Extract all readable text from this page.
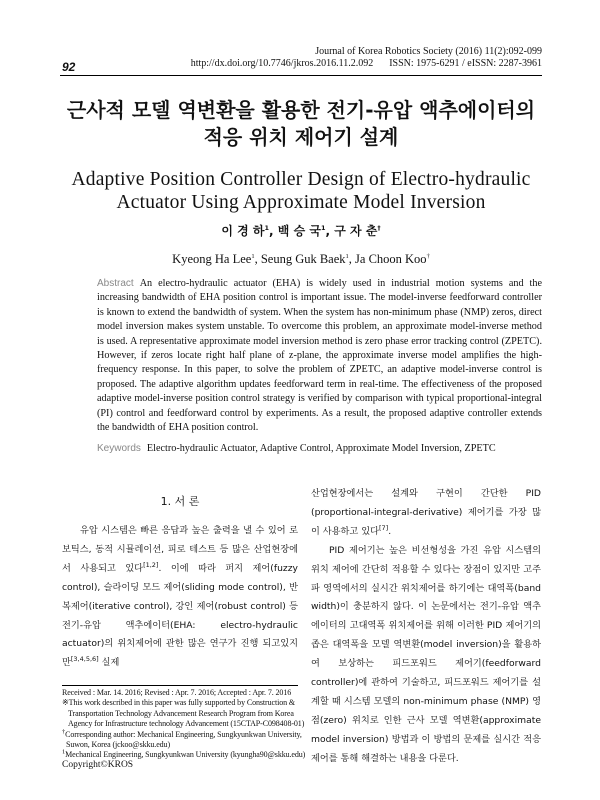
92
Journal of Korea Robotics Society (2016) 11(2):092-099
http://dx.doi.org/10.7746/jkros.2016.11.2.092 ISSN: 1975-6291 / eISSN: 2287-3961
근사적 모델 역변환을 활용한 전기-유압 액추에이터의
적응 위치 제어기 설계
Adaptive Position Controller Design of Electro-hydraulic
Actuator Using Approximate Model Inversion
이 경 하$^1$, 백 승 국$^1$, 구 자 춘†
Kyeong Ha Lee$^1$, Seung Guk Baek$^1$, Ja Choon Koo†
Abstract An electro-hydraulic actuator (EHA) is widely used in industrial motion systems and the increasing bandwidth of EHA position control is important issue. The model-inverse feedforward controller is known to extend the bandwidth of system. When the system has non-minimum phase (NMP) zeros, direct model inversion makes system unstable. To overcome this problem, an approximate model-inverse method is used. A representative approximate model inversion method is zero phase error tracking control (ZPETC). However, if zeros locate right half plane of z-plane, the approximate inverse model amplifies the high-frequency response. In this paper, to solve the problem of ZPETC, an adaptive model-inverse control is proposed. The adaptive algorithm updates feedforward term in real-time. The effectiveness of the proposed adaptive model-inverse position control strategy is verified by comparison with typical proportional-integral (PI) control and feedforward control by experiments. As a result, the proposed adaptive controller extends the bandwidth of EHA position control.
Keywords Electro-hydraulic Actuator, Adaptive Control, Approximate Model Inversion, ZPETC
1. 서 론

유압 시스템은 빠른 응답과 높은 출력을 낼 수 있어 로보틱스, 동적 시뮬레이션, 피로 테스트 등 많은 산업현장에서 사용되고 있다[1,2]. 이에 따라 퍼지 제어(fuzzy control), 슬라이딩 모드 제어(sliding mode control), 반복제어(iterative control), 강인 제어(robust control) 등 전기-유압 액추에이터(EHA: electro-hydraulic actuator)의 위치제어에 관한 많은 연구가 진행 되고있지만[3,4,5,6] 실제

산업현장에서는 설계와 구현이 간단한 PID (proportional-integral-derivative) 제어기를 가장 많이 사용하고 있다[7].

PID 제어기는 높은 비선형성을 가진 유압 시스템의 위치 제어에 간단히 적용할 수 있다는 장점이 있지만 고주파 영역에서의 실시간 위치제어를 하기에는 대역폭(band width)이 충분하지 않다. 이 논문에서는 전기-유압 액추에이터의 고대역폭 위치제어를 위해 이러한 PID 제어기의 좁은 대역폭을 모델 역변환(model inversion)을 활용하여 보상하는 피드포워드 제어기(feedforward controller)에 관하여 기술하고, 피드포워드 제어기를 설계할 때 시스템 모델의 non-minimum phase (NMP) 영점(zero) 위치로 인한 근사 모델 역변환(approximate model inversion) 방법과 이 방법의 문제를 실시간 적응제어를 통해 해결하는 내용을 다룬다.

Received : Mar. 14. 2016; Revised : Apr. 7. 2016; Accepted : Apr. 7. 2016
※This work described in this paper was fully supported by Construction &
Transportation Technology Advancement Research Program from Korea
Agency for Infrastructure technology Advancement (15CTAP-C098408-01)
†Corresponding author: Mechanical Engineering, Sungkyunkwan University,
Suwon, Korea (jckoo@skku.edu)
$^1$Mechanical Engineering, Sungkyunkwan University (kyungha90@skku.edu)
Copyright©KROS
